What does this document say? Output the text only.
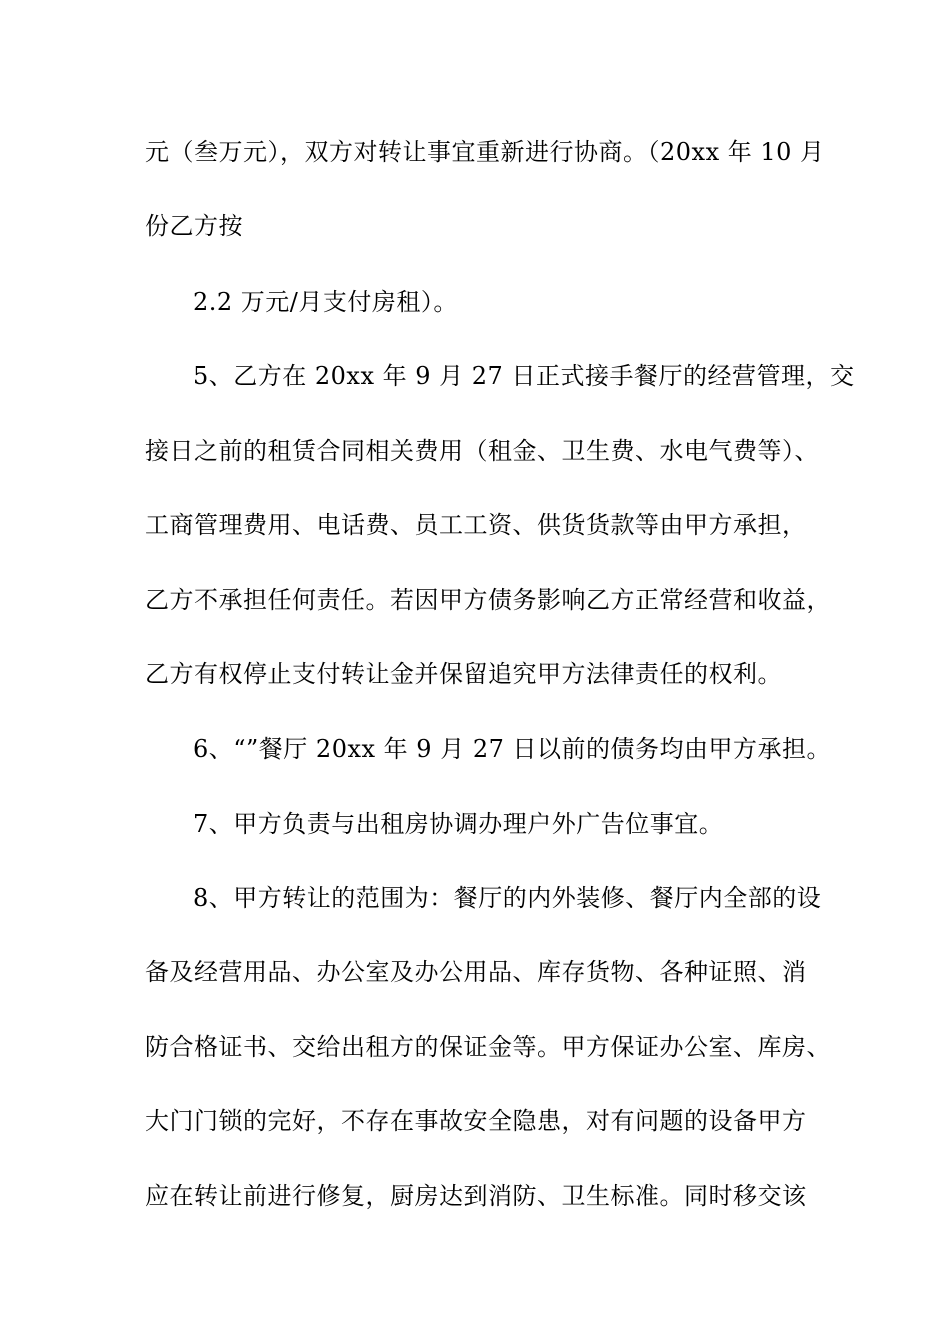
元（叁万元），双方对转让事宜重新进行协商。（20xx 年 10 月
份乙方按
2.2 万元/月支付房租）。
5、乙方在 20xx 年 9 月 27 日正式接手餐厅的经营管理，交
接日之前的租赁合同相关费用（租金、卫生费、水电气费等）、
工商管理费用、电话费、员工工资、供货货款等由甲方承担，
乙方不承担任何责任。若因甲方债务影响乙方正常经营和收益，
乙方有权停止支付转让金并保留追究甲方法律责任的权利。
6、“”餐厅 20xx 年 9 月 27 日以前的债务均由甲方承担。
7、甲方负责与出租房协调办理户外广告位事宜。
8、甲方转让的范围为：餐厅的内外装修、餐厅内全部的设
备及经营用品、办公室及办公用品、库存货物、各种证照、消
防合格证书、交给出租方的保证金等。甲方保证办公室、库房、
大门门锁的完好，不存在事故安全隐患，对有问题的设备甲方
应在转让前进行修复，厨房达到消防、卫生标准。同时移交该
